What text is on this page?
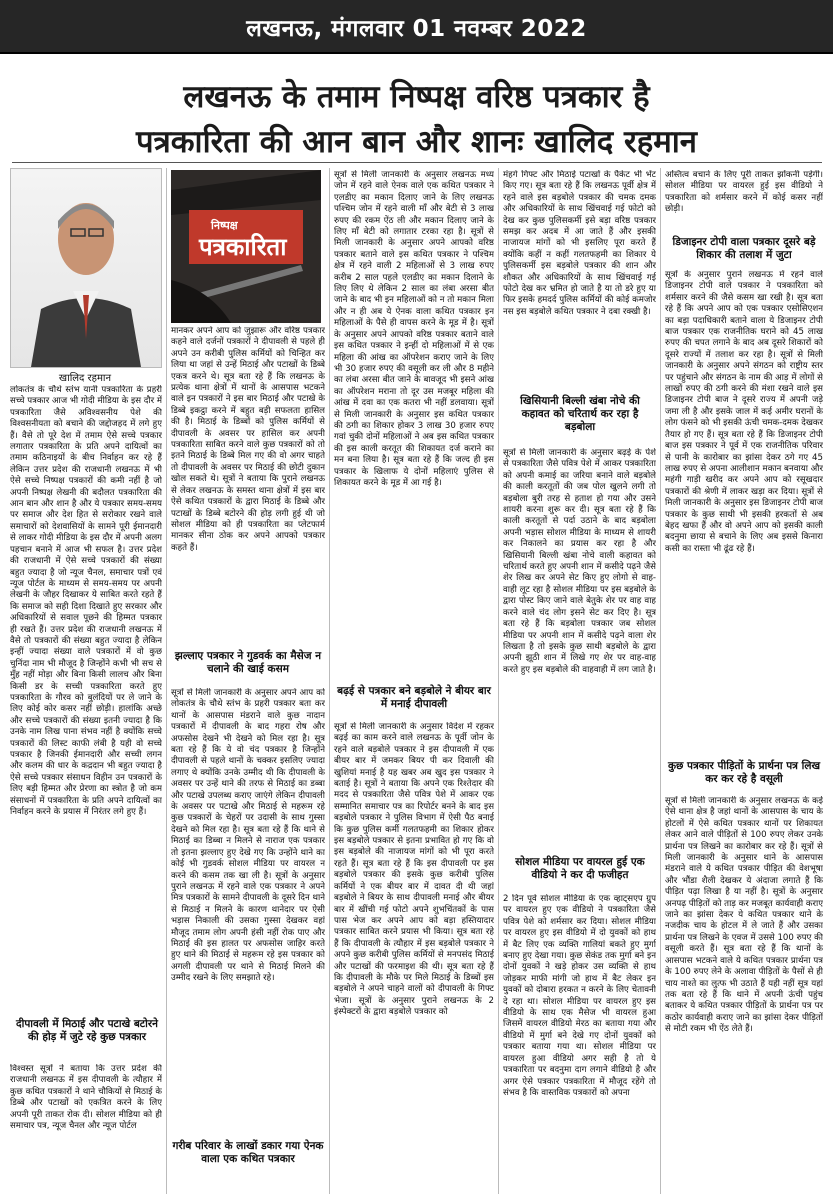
लखनऊ, मंगलवार 01 नवम्बर 2022
लखनऊ के तमाम निष्पक्ष वरिष्ठ पत्रकार है
पत्रकारिता की आन बान और शानः खालिद रहमान
खालिद रहमान
निष्पक्ष
पत्रकारिता

लोकतंत्र के चौथे स्तंभ यानी पत्रकारिता के प्रहरी सच्चे पत्रकार आज भी गोदी मीडिया के इस दौर में पत्रकारिता जैसे अविश्वसनीय पेशे की विश्वसनीयता को बचाने की जद्दोजहद में लगे हुए हैं। वैसे तो पूरे देश में तमाम ऐसे सच्चे पत्रकार लगातार पत्रकारिता के प्रति अपने दायित्वों का तमाम कठिनाइयों के बीच निर्वाहन कर रहे हैं लेकिन उत्तर प्रदेश की राजधानी लखनऊ में भी ऐसे सच्चे निष्पक्ष पत्रकारों की कमी नहीं है जो अपनी निष्पक्ष लेखनी की बदौलत पत्रकारिता की आन बान और शान है और ये पत्रकार समय-समय पर समाज और देश हित से सरोकार रखने वाले समाचारों को देशवासियों के सामने पूरी ईमानदारी से लाकर गोदी मीडिया के इस दौर में अपनी अलग पहचान बनाने में आज भी सफल है। उत्तर प्रदेश की राजधानी में ऐसे सच्चे पत्रकारों की संख्या बहुत ज्यादा है जो न्यूज चैनल, समाचार पत्रों एवं न्यूज पोर्टल के माध्यम से समय-समय पर अपनी लेखनी के जौहर दिखाकर ये साबित करते रहते हैं कि समाज को सही दिशा दिखाते हुए सरकार और अधिकारियों से सवाल पूछने की हिम्मत पत्रकार ही रखते हैं। उत्तर प्रदेश की राजधानी लखनऊ में वैसे तो पत्रकारों की संख्या बहुत ज्यादा है लेकिन इन्हीं ज्यादा संख्या वाले पत्रकारों में वो कुछ चुनिंदा नाम भी मौजूद है जिन्होंने कभी भी सच से मुँह नहीं मोड़ा और बिना किसी लालच और बिना किसी डर के सच्ची पत्रकारिता करते हुए पत्रकारिता के गौरव को बुलंदियों पर ले जाने के लिए कोई कोर कसर नहीं छोड़ी। हालांकि अच्छे और सच्चे पत्रकारों की संख्या इतनी ज्यादा है कि उनके नाम लिख पाना संभव नहीं है क्योंकि सच्चे पत्रकारों की लिस्ट काफी लंबी है यही वो सच्चे पत्रकार है जिनकी ईमानदारी और सच्ची लगन और कलम की धार के कद्रदान भी बहुत ज्यादा है ऐसे सच्चे पत्रकार संसाधन विहीन उन पत्रकारों के लिए बड़ी हिम्मत और प्रेरणा का स्त्रोत है जो कम संसाधनों में पत्रकारिता के प्रति अपने दायित्वों का निर्वाहन करने के प्रयास में निरंतर लगे हुए हैं।

दीपावली में मिठाई और पटाखे बटोरने की होड़ में जुटे रहे कुछ पत्रकार

विश्वस्त सूत्रों ने बताया कि उत्तर प्रदेश की राजधानी लखनऊ में इस दीपावली के त्यौहार में कुछ कथित पत्रकारों ने थाने चौकियों से मिठाई के डिब्बे और पटाखों को एकत्रित करने के लिए अपनी पूरी ताकत रोक दी। सोशल मीडिया को ही समाचार पत्र, न्यूज चैनल और न्यूज पोर्टल

मानकर अपने आप को जुझारू और वरिष्ठ पत्रकार कहने वाले दर्जनों पत्रकारों ने दीपावली से पहले ही अपने उन करीबी पुलिस कर्मियों को चिन्हित कर लिया था जहां से उन्हें मिठाई और पटाखों के डिब्बे एकत्र करने थे। सूत्र बता रहे हैं कि लखनऊ के प्रत्येक थाना क्षेत्रों में थानों के आसपास भटकने वाले इन पत्रकारों ने इस बार मिठाई और पटाखे के डिब्बे इकट्ठा करने में बहुत बड़ी सफलता हासिल की है। मिठाई के डिब्बों को पुलिस कर्मियों से दीपावली के अवसर पर हासिल कर अपनी पत्रकारिता साबित करने वाले कुछ पत्रकारों को तो इतने मिठाई के डिब्बे मिल गए की वो अगर चाहते तो दीपावली के अवसर पर मिठाई की छोटी दुकान खोल सकते थे। सूत्रों ने बताया कि पुराने लखनऊ से लेकर लखनऊ के समस्त थाना क्षेत्रों में इस बार ऐसे कथित पत्रकारों के द्वारा मिठाई के डिब्बे और पटाखों के डिब्बे बटोरने की होड़ लगी हुई थी जो सोशल मीडिया को ही पत्रकारिता का प्लेटफार्म मानकर सीना ठोक कर अपने आपको पत्रकार कहते हैं।

झल्लाए पत्रकार ने गुडवर्क का मैसेज न चलाने की खाई कसम

सूत्रों से मिली जानकारी के अनुसार अपने आप को लोकतंत्र के चौथे स्तंभ के प्रहरी पत्रकार बता कर थानों के आसपास मंडराने वाले कुछ नादान पत्रकारों में दीपावली के बाद गहरा रोष और अफसोस देखने भी देखने को मिल रहा है। सूत्र बता रहे हैं कि ये वो चंद पत्रकार है जिन्होंने दीपावली से पहले थानों के चक्कर इसलिए ज्यादा लगाए थे क्योंकि उनके उम्मीद थी कि दीपावली के अवसर पर उन्हें थाने की तरफ से मिठाई का डब्बा और पटाखे उपलब्ध कराए जाएंगे लेकिन दीपावली के अवसर पर पटाखे और मिठाई से महरूम रहे कुछ पत्रकारों के चेहरों पर उदासी के साथ गुस्सा देखने को मिल रहा है। सूत्र बता रहे हैं कि थाने से मिठाई का डिब्बा न मिलने से नाराज एक पत्रकार तो इतना झल्लाए हुए देखे गए कि उन्होंने थाने का कोई भी गुडवर्क सोशल मीडिया पर वायरल न करने की कसम तक खा ली है। सूत्रों के अनुसार पुराने लखनऊ में रहने वाले एक पत्रकार ने अपने मित्र पत्रकारों के सामने दीपावली के दूसरे दिन थाने से मिठाई न मिलने के कारण थानेदार पर ऐसी भड़ास निकाली की उसका गुस्सा देखकर वहां मौजूद तमाम लोग अपनी हंसी नहीं रोक पाए और मिठाई की इस हालत पर अफसोस जाहिर करते हुए थाने की मिठाई से महरूम रहे इस पत्रकार को अगली दीपावली पर थाने से मिठाई मिलने की उम्मीद रखने के लिए समझाते रहे।

गरीब परिवार के लाखों डकार गया ऐनक वाला एक कथित पत्रकार

सूत्रों से मिली जानकारी के अनुसार लखनऊ मध्य जोन में रहने वाले ऐनक वाले एक कथित पत्रकार ने एलडीए का मकान दिलाए जाने के लिए लखनऊ पश्चिम जोन में रहने वाली माँ और बेटी से 3 लाख रुपए की रकम ऐंठ ली और मकान दिलाए जाने के लिए माँ बेटी को लगातार टरका रहा है। सूत्रों से मिली जानकारी के अनुसार अपने आपको वरिष्ठ पत्रकार बताने वाले इस कथित पत्रकार ने पश्चिम क्षेत्र में रहने वाली 2 महिलाओं से 3 लाख रुपए करीब 2 साल पहले एलडीए का मकान दिलाने के लिए लिए थे लेकिन 2 साल का लंबा अरसा बीत जाने के बाद भी इन महिलाओं को न तो मकान मिला और न ही अब ये ऐनक वाला कथित पत्रकार इन महिलाओं के पैसे ही वापस करने के मूड में है। सूत्रों के अनुसार अपने आपको वरिष्ठ पत्रकार बताने वाले इस कथित पत्रकार ने इन्हीं दो महिलाओं में से एक महिला की आंख का ऑपरेशन कराए जाने के लिए भी 30 हजार रुपए की वसूली कर ली और 8 महीने का लंबा अरसा बीत जाने के बावजूद भी इसने आंख का ऑपरेशन मराना तो दूर उस मजबूर महिला की आंख में दवा का एक कतरा भी नहीं डलवाया। सूत्रों से मिली जानकारी के अनुसार इस कथित पत्रकार की ठगी का शिकार होकर 3 लाख 30 हजार रुपए गवां चुकी दोनों महिलाओं ने अब इस कथित पत्रकार की इस काली करतूत की शिकायत दर्ज कराने का मन बना लिया है। सूत्र बता रहे हैं कि जल्द ही इस पत्रकार के खिलाफ ये दोनों महिलाएं पुलिस से शिकायत करने के मूड में आ गई है।

बढ़ई से पत्रकार बने बड़बोले ने बीयर बार में मनाई दीपावली

सूत्रों से मिली जानकारी के अनुसार विदेश में रहकर बढ़ई का काम करने वाले लखनऊ के पूर्वी जोन के रहने वाले बड़बोले पत्रकार ने इस दीपावली में एक बीयर बार में जमकर बियर पी कर दिवाली की खुशियां मनाई है यह खबर अब खुद इस पत्रकार ने बताई है। सूत्रों ने बताया कि अपने एक रिश्तेदार की मदद से पत्रकारिता जैसे पवित्र पेशे में आकर एक सम्मानित समाचार पत्र का रिपोर्टर बनने के बाद इस बड़बोले पत्रकार ने पुलिस विभाग में ऐसी पैठ बनाई कि कुछ पुलिस कर्मी गलतफहमी का शिकार होकर इस बड़बोले पत्रकार से इतना प्रभावित हो गए कि वो इस बड़बोले की नाजायज मांगों को भी पूरा करते रहते हैं। सूत्र बता रहे हैं कि इस दीपावली पर इस बड़बोले पत्रकार की इसके कुछ करीबी पुलिस कर्मियों ने एक बीयर बार में दावत दी थी जहां बड़बोले ने बियर के साथ दीपावली मनाई और बीयर बार में खींची गई फोटो अपने शुभचिंतकों के पास पास भेज कर अपने आप को बड़ा हस्तियादार पत्रकार साबित करने प्रयास भी किया। सूत्र बता रहे हैं कि दीपावली के त्यौहार में इस बड़बोले पत्रकार ने अपने कुछ करीबी पुलिस कर्मियों से मनपसंद मिठाई और पटाखों की फरमाइश की थी। सूत्र बता रहे हैं कि दीपावली के मौके पर मिले मिठाई के डिब्बों इस बड़बोले ने अपने चाहने वालों को दीपावली के गिफ्ट भेजा। सूत्रों के अनुसार पुराने लखनऊ के 2 इंस्पेक्टरों के द्वारा बड़बोले पत्रकार को

मंहगे गिफ्ट और मिठाई पटाखों के पैकेट भी भेंट किए गए। सूत्र बता रहे हैं कि लखनऊ पूर्वी क्षेत्र में रहने वाले इस बड़बोले पत्रकार की चमक दमक और अधिकारियों के साथ खिंचवाई गई फोटो को देख कर कुछ पुलिसकर्मी इसे बड़ा वरिष्ठ पत्रकार समझ कर अदब में आ जाते हैं और इसकी नाजायज मांगों को भी इसलिए पूरा करते हैं क्योंकि कहीं न कहीं गलतफहमी का शिकार ये पुलिसकर्मी इस बड़बोले पत्रकार की शान और शौकत और अधिकारियों के साथ खिंचवाई गई फोटो देख कर भ्रमित हो जाते है या तो डरे हुए या फिर इसके हमदर्द पुलिस कर्मियों की कोई कमजोर नस इस बड़बोले कथित पत्रकार ने दबा रक्खी है।

खिसियानी बिल्ली खंबा नोचे की कहावत को चरितार्थ कर रहा है बड़बोला

सूत्रों से मिली जानकारी के अनुसार बढ़ई के पेशे से पत्रकारिता जैसे पवित्र पेशे में आकर पत्रकारिता को अपनी कमाई का जरिया बनाने वाले बड़बोले की काली करतूतों की जब पोल खुलने लगी तो बड़बोला बुरी तरह से हताश हो गया और उसने शायरी करना शुरू कर दी। सूत्र बता रहे हैं कि काली करतूतों से पर्दा उठाने के बाद बड़बोला अपनी भड़ास सोशल मीडिया के माध्यम से शायरी कर निकालने का प्रयास कर रहा है और खिसियानी बिल्ली खंबा नोचे वाली कहावत को चरितार्थ करते हुए अपनी शान में कसीदे पढ़ने जैसे शेर लिख कर अपने सेट किए हुए लोगो से वाह-वाही लूट रहा है सोशल मीडिया पर इस बड़बोले के द्वारा पोस्ट किए जाने वाले बेतुके शेर पर वाह वाह करने वाले चंद लोग इसने सेट कर दिए है। सूत्र बता रहे हैं कि बड़बोला पत्रकार जब सोशल मीडिया पर अपनी शान में कसीदे पढ़ने वाला शेर लिखता है तो इसके कुछ साथी बड़बोले के द्वारा अपनी झूठी शान में लिखे गए शेर पर वाह-वाह करते हुए इस बड़बोले की वाहवाही में लग जाते है।

सोशल मीडिया पर वायरल हुई एक वीडियो ने कर दी फजीहत

2 दिन पूर्व सोशल मीडिया के एक व्हाट्सएप ग्रुप पर वायरल हुए एक वीडियो ने पत्रकारिता जैसे पवित्र पेशे को शर्मसार कर दिया। सोशल मीडिया पर वायरल हुए इस वीडियो में दो युवकों को हाथ में बैट लिए एक व्यक्ति गालियां बकते हुए मुर्गा बनाए हुए देखा गया। कुछ सेकंड तक मुर्गा बने इन दोनों युवकों ने खड़े होकर उस व्यक्ति से हाथ जोड़कर माफी मांगी जो हाथ में बैट लेकर इन युवकों को दोबारा हरकत न करने के लिए चेतावनी दे रहा था। सोशल मीडिया पर वायरल हुए इस वीडियो के साथ एक मैसेज भी वायरल हुआ जिसमें वायरल वीडियो मेरठ का बताया गया और वीडियो में मुर्गा बने देखे गए दोनों युवकों को पत्रकार बताया गया था। सोशल मीडिया पर वायरल हुआ वीडियो अगर सही है तो ये पत्रकारिता पर बदनुमा दाग लगाने वीडियो है और अगर ऐसे पत्रकार पत्रकारिता में मौजूद रहेंगे तो संभव है कि वास्तविक पत्रकारों को अपना

अस्तित्व बचाने के लिए पूरी ताकत झोंकनी पड़ेगी। सोशल मीडिया पर वायरल हुई इस वीडियो ने पत्रकारिता को शर्मसार करने में कोई कसर नहीं छोड़ी।

डिजाइनर टोपी वाला पत्रकार दूसरे बड़े शिकार की तलाश में जुटा

सूत्रों के अनुसार पुराने लखनऊ में रहने वाले डिजाइनर टोपी वाले पत्रकार ने पत्रकारिता को शर्मसार करने की जैसे कसम खा रखी है। सूत्र बता रहे हैं कि अपने आप को एक पत्रकार एसोसिएशन का बड़ा पदाधिकारी बताने वाला ये डिजाइनर टोपी बाज पत्रकार एक राजनीतिक घराने को 45 लाख रुपए की चपत लगाने के बाद अब दूसरे शिकारों को दूसरे राज्यों में तलाश कर रहा है। सूत्रों से मिली जानकारी के अनुसार अपने संगठन को राष्ट्रीय स्तर पर पहुंचाने और संगठन के नाम की आड़ में लोगों से लाखों रुपए की ठगी करने की मंशा रखने वाले इस डिजाइनर टोपी बाज ने दूसरे राज्य में अपनी जड़े जमा ली है और इसके जाल में कई अमीर घरानों के लोग फंसने को भी इसकी ऊंची चमक-दमक देखकर तैयार हो गए हैं। सूत्र बता रहे हैं कि डिजाइनर टोपी बाज इस पत्रकार ने पूर्व में एक राजनीतिक परिवार से पानी के कारोबार का झांसा देकर ठगे गए 45 लाख रुपए से अपना आलीशान मकान बनवाया और महंगी गाड़ी खरीद कर अपने आप को रसूखदार पत्रकारों की श्रेणी में लाकर खड़ा कर दिया। सूत्रों से मिली जानकारी के अनुसार इस डिजाइनर टोपी बाज पत्रकार के कुछ साथी भी इसकी हरकतों से अब बेहद खफा हैं और वो अपने आप को इसकी काली बदनुमा छाया से बचाने के लिए अब इससे किनारा कसी का रास्ता भी ढूंढ रहे हैं।

कुछ पत्रकार पीड़ितों के प्रार्थना पत्र लिख कर कर रहे है वसूली

सूत्रों से मिली जानकारी के अनुसार लखनऊ के कई ऐसे थाना क्षेत्र है जहां थानों के आसपास के चाय के होटलों में ऐसे कथित पत्रकार थानों पर शिकायत लेकर आने वाले पीड़ितों से 100 रुपए लेकर उनके प्रार्थना पत्र लिखने का कारोबार कर रहे हैं। सूत्रों से मिली जानकारी के अनुसार थाने के आसपास मंडराने वाले ये कथित पत्रकार पीड़ित की वेशभूषा और भौंडा शैली देखकर ये अंदाजा लगाते हैं कि पीड़ित पढ़ा लिखा है या नहीं है। सूत्रों के अनुसार अनपढ़ पीड़ितों को ताड़ कर मजबूत कार्यवाही कराए जाने का झांसा देकर ये कथित पत्रकार थाने के नजदीक चाय के होटल में ले जाते हैं और उसका प्रार्थना पत्र लिखने के एवज में उससे 100 रुपए की वसूली करते हैं। सूत्र बता रहे हैं कि थानों के आसपास भटकने वाले ये कथित पत्रकार प्रार्थना पत्र के 100 रुपए लेने के अलावा पीड़ितों के पैसों से ही चाय नाश्ते का लुत्फ भी उठाते हैं यही नहीं सूत्र यहां तक बता रहे हैं कि थाने में अपनी ऊंची पहुंच बताकर ये कथित पत्रकार पीड़ितों के प्रार्थना पत्र पर कठोर कार्यवाही कराए जाने का झांसा देकर पीड़ितों से मोटी रकम भी ऐंठ लेते हैं।
